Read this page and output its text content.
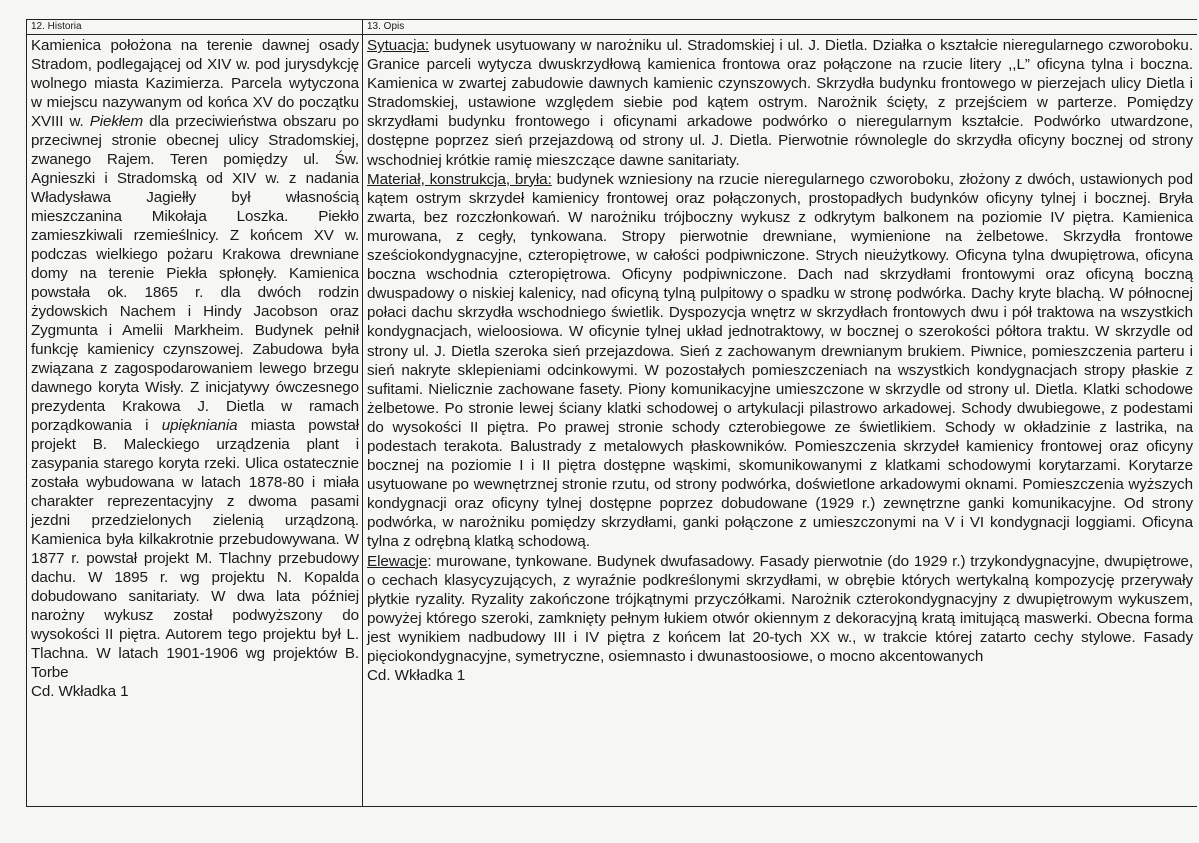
12. Historia
Kamienica położona na terenie dawnej osady Stradom, podlegającej od XIV w. pod jurysdykcję wolnego miasta Kazimierza. Parcela wytyczona w miejscu nazywanym od końca XV do początku XVIII w. Piekłem dla przeciwieństwa obszaru po przeciwnej stronie obecnej ulicy Stradomskiej, zwanego Rajem. Teren pomiędzy ul. Św. Agnieszki i Stradomską od XIV w. z nadania Władysława Jagiełły był własnością mieszczanina Mikołaja Loszka. Piekło zamieszkiwali rzemieślnicy. Z końcem XV w. podczas wielkiego pożaru Krakowa drewniane domy na terenie Piekła spłonęły. Kamienica powstała ok. 1865 r. dla dwóch rodzin żydowskich Nachem i Hindy Jacobson oraz Zygmunta i Amelii Markheim. Budynek pełnił funkcję kamienicy czynszowej. Zabudowa była związana z zagospodarowaniem lewego brzegu dawnego koryta Wisły. Z inicjatywy ówczesnego prezydenta Krakowa J. Dietla w ramach porządkowania i upiękniania miasta powstał projekt B. Maleckiego urządzenia plant i zasypania starego koryta rzeki. Ulica ostatecznie została wybudowana w latach 1878-80 i miała charakter reprezentacyjny z dwoma pasami jezdni przedzielonych zielenią urządzoną. Kamienica była kilkakrotnie przebudowywana. W 1877 r. powstał projekt M. Tlachny przebudowy dachu. W 1895 r. wg projektu N. Kopalda dobudowano sanitariaty. W dwa lata później narożny wykusz został podwyższony do wysokości II piętra. Autorem tego projektu był L. Tlachna. W latach 1901-1906 wg projektów B. Torbe
Cd. Wkładka 1
13. Opis
Sytuacja: budynek usytuowany w narożniku ul. Stradomskiej i ul. J. Dietla. Działka o kształcie nieregularnego czworoboku. Granice parceli wytycza dwuskrzydłową kamienica frontowa oraz połączone na rzucie litery ,,L” oficyna tylna i boczna. Kamienica w zwartej zabudowie dawnych kamienic czynszowych. Skrzydła budynku frontowego w pierzejach ulicy Dietla i Stradomskiej, ustawione względem siebie pod kątem ostrym. Narożnik ścięty, z przejściem w parterze. Pomiędzy skrzydłami budynku frontowego i oficynami arkadowe podwórko o nieregularnym kształcie. Podwórko utwardzone, dostępne poprzez sień przejazdową od strony ul. J. Dietla. Pierwotnie równolegle do skrzydła oficyny bocznej od strony wschodniej krótkie ramię mieszczące dawne sanitariaty.
Materiał, konstrukcja, bryła: budynek wzniesiony na rzucie nieregularnego czworoboku, złożony z dwóch, ustawionych pod kątem ostrym skrzydeł kamienicy frontowej oraz połączonych, prostopadłych budynków oficyny tylnej i bocznej. Bryła zwarta, bez rozczłonkowań. W narożniku trójboczny wykusz z odkrytym balkonem na poziomie IV piętra. Kamienica murowana, z cegły, tynkowana. Stropy pierwotnie drewniane, wymienione na żelbetowe. Skrzydła frontowe sześciokondygnacyjne, czteropiętrowe, w całości podpiwniczone. Strych nieużytkowy. Oficyna tylna dwupiętrowa, oficyna boczna wschodnia czteropiętrowa. Oficyny podpiwniczone. Dach nad skrzydłami frontowymi oraz oficyną boczną dwuspadowy o niskiej kalenicy, nad oficyną tylną pulpitowy o spadku w stronę podwórka. Dachy kryte blachą. W północnej połaci dachu skrzydła wschodniego świetlik. Dyspozycja wnętrz w skrzydłach frontowych dwu i pół traktowa na wszystkich kondygnacjach, wieloosiowa. W oficynie tylnej układ jednotraktowy, w bocznej o szerokości półtora traktu. W skrzydle od strony ul. J. Dietla szeroka sień przejazdowa. Sień z zachowanym drewnianym brukiem. Piwnice, pomieszczenia parteru i sień nakryte sklepieniami odcinkowymi. W pozostałych pomieszczeniach na wszystkich kondygnacjach stropy płaskie z sufitami. Nielicznie zachowane fasety. Piony komunikacyjne umieszczone w skrzydle od strony ul. Dietla. Klatki schodowe żelbetowe. Po stronie lewej ściany klatki schodowej o artykulacji pilastrowo arkadowej. Schody dwubiegowe, z podestami do wysokości II piętra. Po prawej stronie schody czterobiegowe ze świetlikiem. Schody w okładzinie z lastrika, na podestach terakota. Balustrady z metalowych płaskowników. Pomieszczenia skrzydeł kamienicy frontowej oraz oficyny bocznej na poziomie I i II piętra dostępne wąskimi, skomunikowanymi z klatkami schodowymi korytarzami. Korytarze usytuowane po wewnętrznej stronie rzutu, od strony podwórka, doświetlone arkadowymi oknami. Pomieszczenia wyższych kondygnacji oraz oficyny tylnej dostępne poprzez dobudowane (1929 r.) zewnętrzne ganki komunikacyjne. Od strony podwórka, w narożniku pomiędzy skrzydłami, ganki połączone z umieszczonymi na V i VI kondygnacji loggiami. Oficyna tylna z odrębną klatką schodową.
Elewacje: murowane, tynkowane. Budynek dwufasadowy. Fasady pierwotnie (do 1929 r.) trzykondygnacyjne, dwupiętrowe, o cechach klasycyzujących, z wyraźnie podkreślonymi skrzydłami, w obrębie których wertykalną kompozycję przerywały płytkie ryzality. Ryzality zakończone trójkątnymi przyczółkami. Narożnik czterokondygnacyjny z dwupiętrowym wykuszem, powyżej którego szeroki, zamknięty pełnym łukiem otwór okiennym z dekoracyjną kratą imitującą maswerki. Obecna forma jest wynikiem nadbudowy III i IV piętra z końcem lat 20-tych XX w., w trakcie której zatarto cechy stylowe. Fasady pięciokondygnacyjne, symetryczne, osiemnasto i dwunastoosiowe, o mocno akcentowanych
Cd. Wkładka 1
